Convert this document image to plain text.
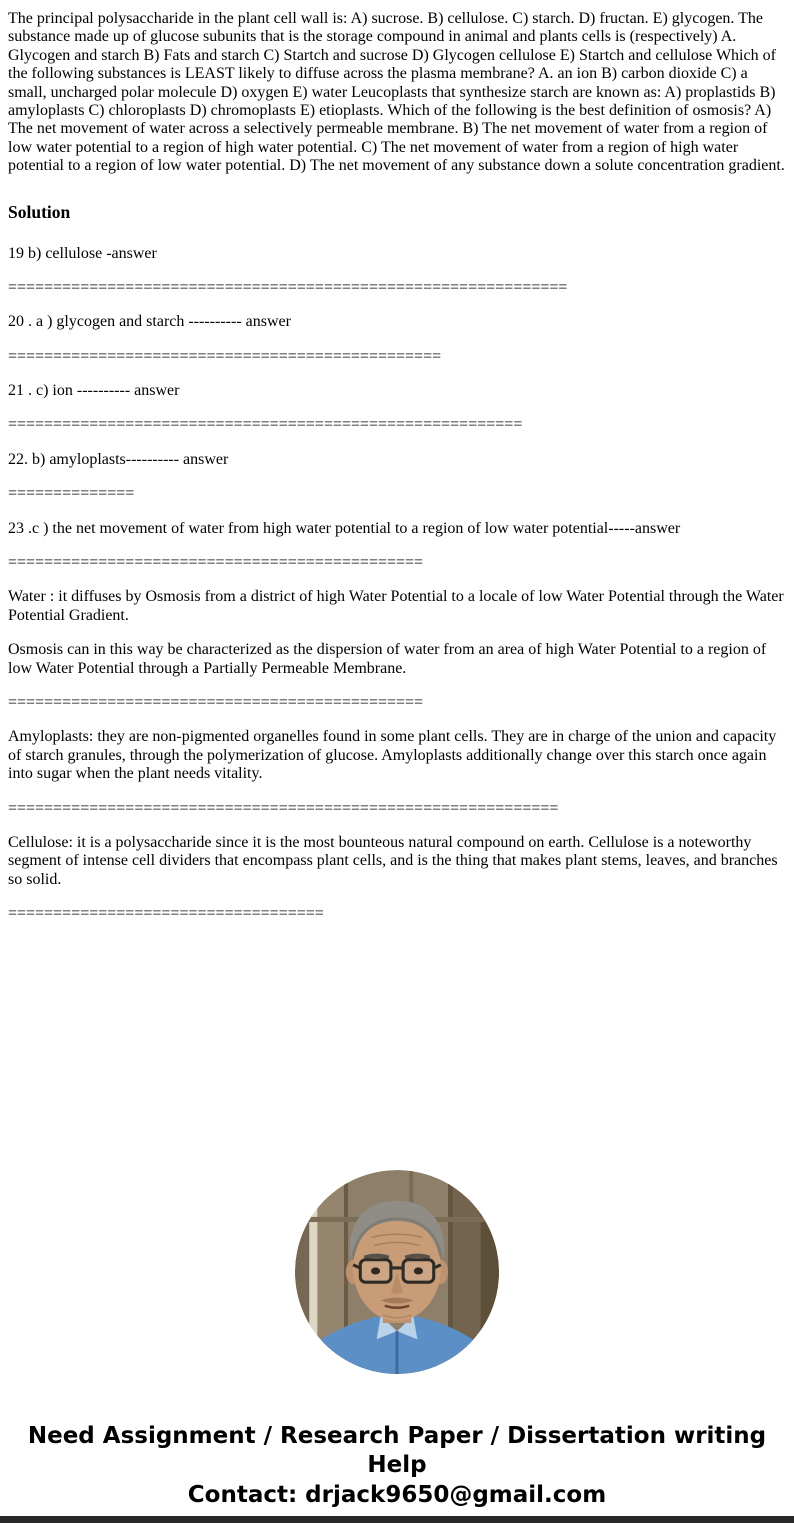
The principal polysaccharide in the plant cell wall is: A) sucrose. B) cellulose. C) starch. D) fructan. E) glycogen. The substance made up of glucose subunits that is the storage compound in animal and plants cells is (respectively) A. Glycogen and starch B) Fats and starch C) Startch and sucrose D) Glycogen cellulose E) Startch and cellulose Which of the following substances is LEAST likely to diffuse across the plasma membrane? A. an ion B) carbon dioxide C) a small, uncharged polar molecule D) oxygen E) water Leucoplasts that synthesize starch are known as: A) proplastids B) amyloplasts C) chloroplasts D) chromoplasts E) etioplasts. Which of the following is the best definition of osmosis? A) The net movement of water across a selectively permeable membrane. B) The net movement of water from a region of low water potential to a region of high water potential. C) The net movement of water from a region of high water potential to a region of low water potential. D) The net movement of any substance down a solute concentration gradient.

Solution

19 b) cellulose -answer

==============================================================

20 . a ) glycogen and starch ---------- answer

================================================

21 . c) ion ---------- answer

=========================================================

22. b) amyloplasts---------- answer

==============

23 .c ) the net movement of water from high water potential to a region of low water potential-----answer

==============================================

Water : it diffuses by Osmosis from a district of high Water Potential to a locale of low Water Potential through the Water Potential Gradient.

Osmosis can in this way be characterized as the dispersion of water from an area of high Water Potential to a region of low Water Potential through a Partially Permeable Membrane.

==============================================

Amyloplasts: they are non-pigmented organelles found in some plant cells. They are in charge of the union and capacity of starch granules, through the polymerization of glucose. Amyloplasts additionally change over this starch once again into sugar when the plant needs vitality.

=============================================================

Cellulose: it is a polysaccharide since it is the most bounteous natural compound on earth. Cellulose is a noteworthy segment of intense cell dividers that encompass plant cells, and is the thing that makes plant stems, leaves, and branches so solid.

===================================

Need Assignment / Research Paper / Dissertation writing Help
Contact: drjack9650@gmail.com
